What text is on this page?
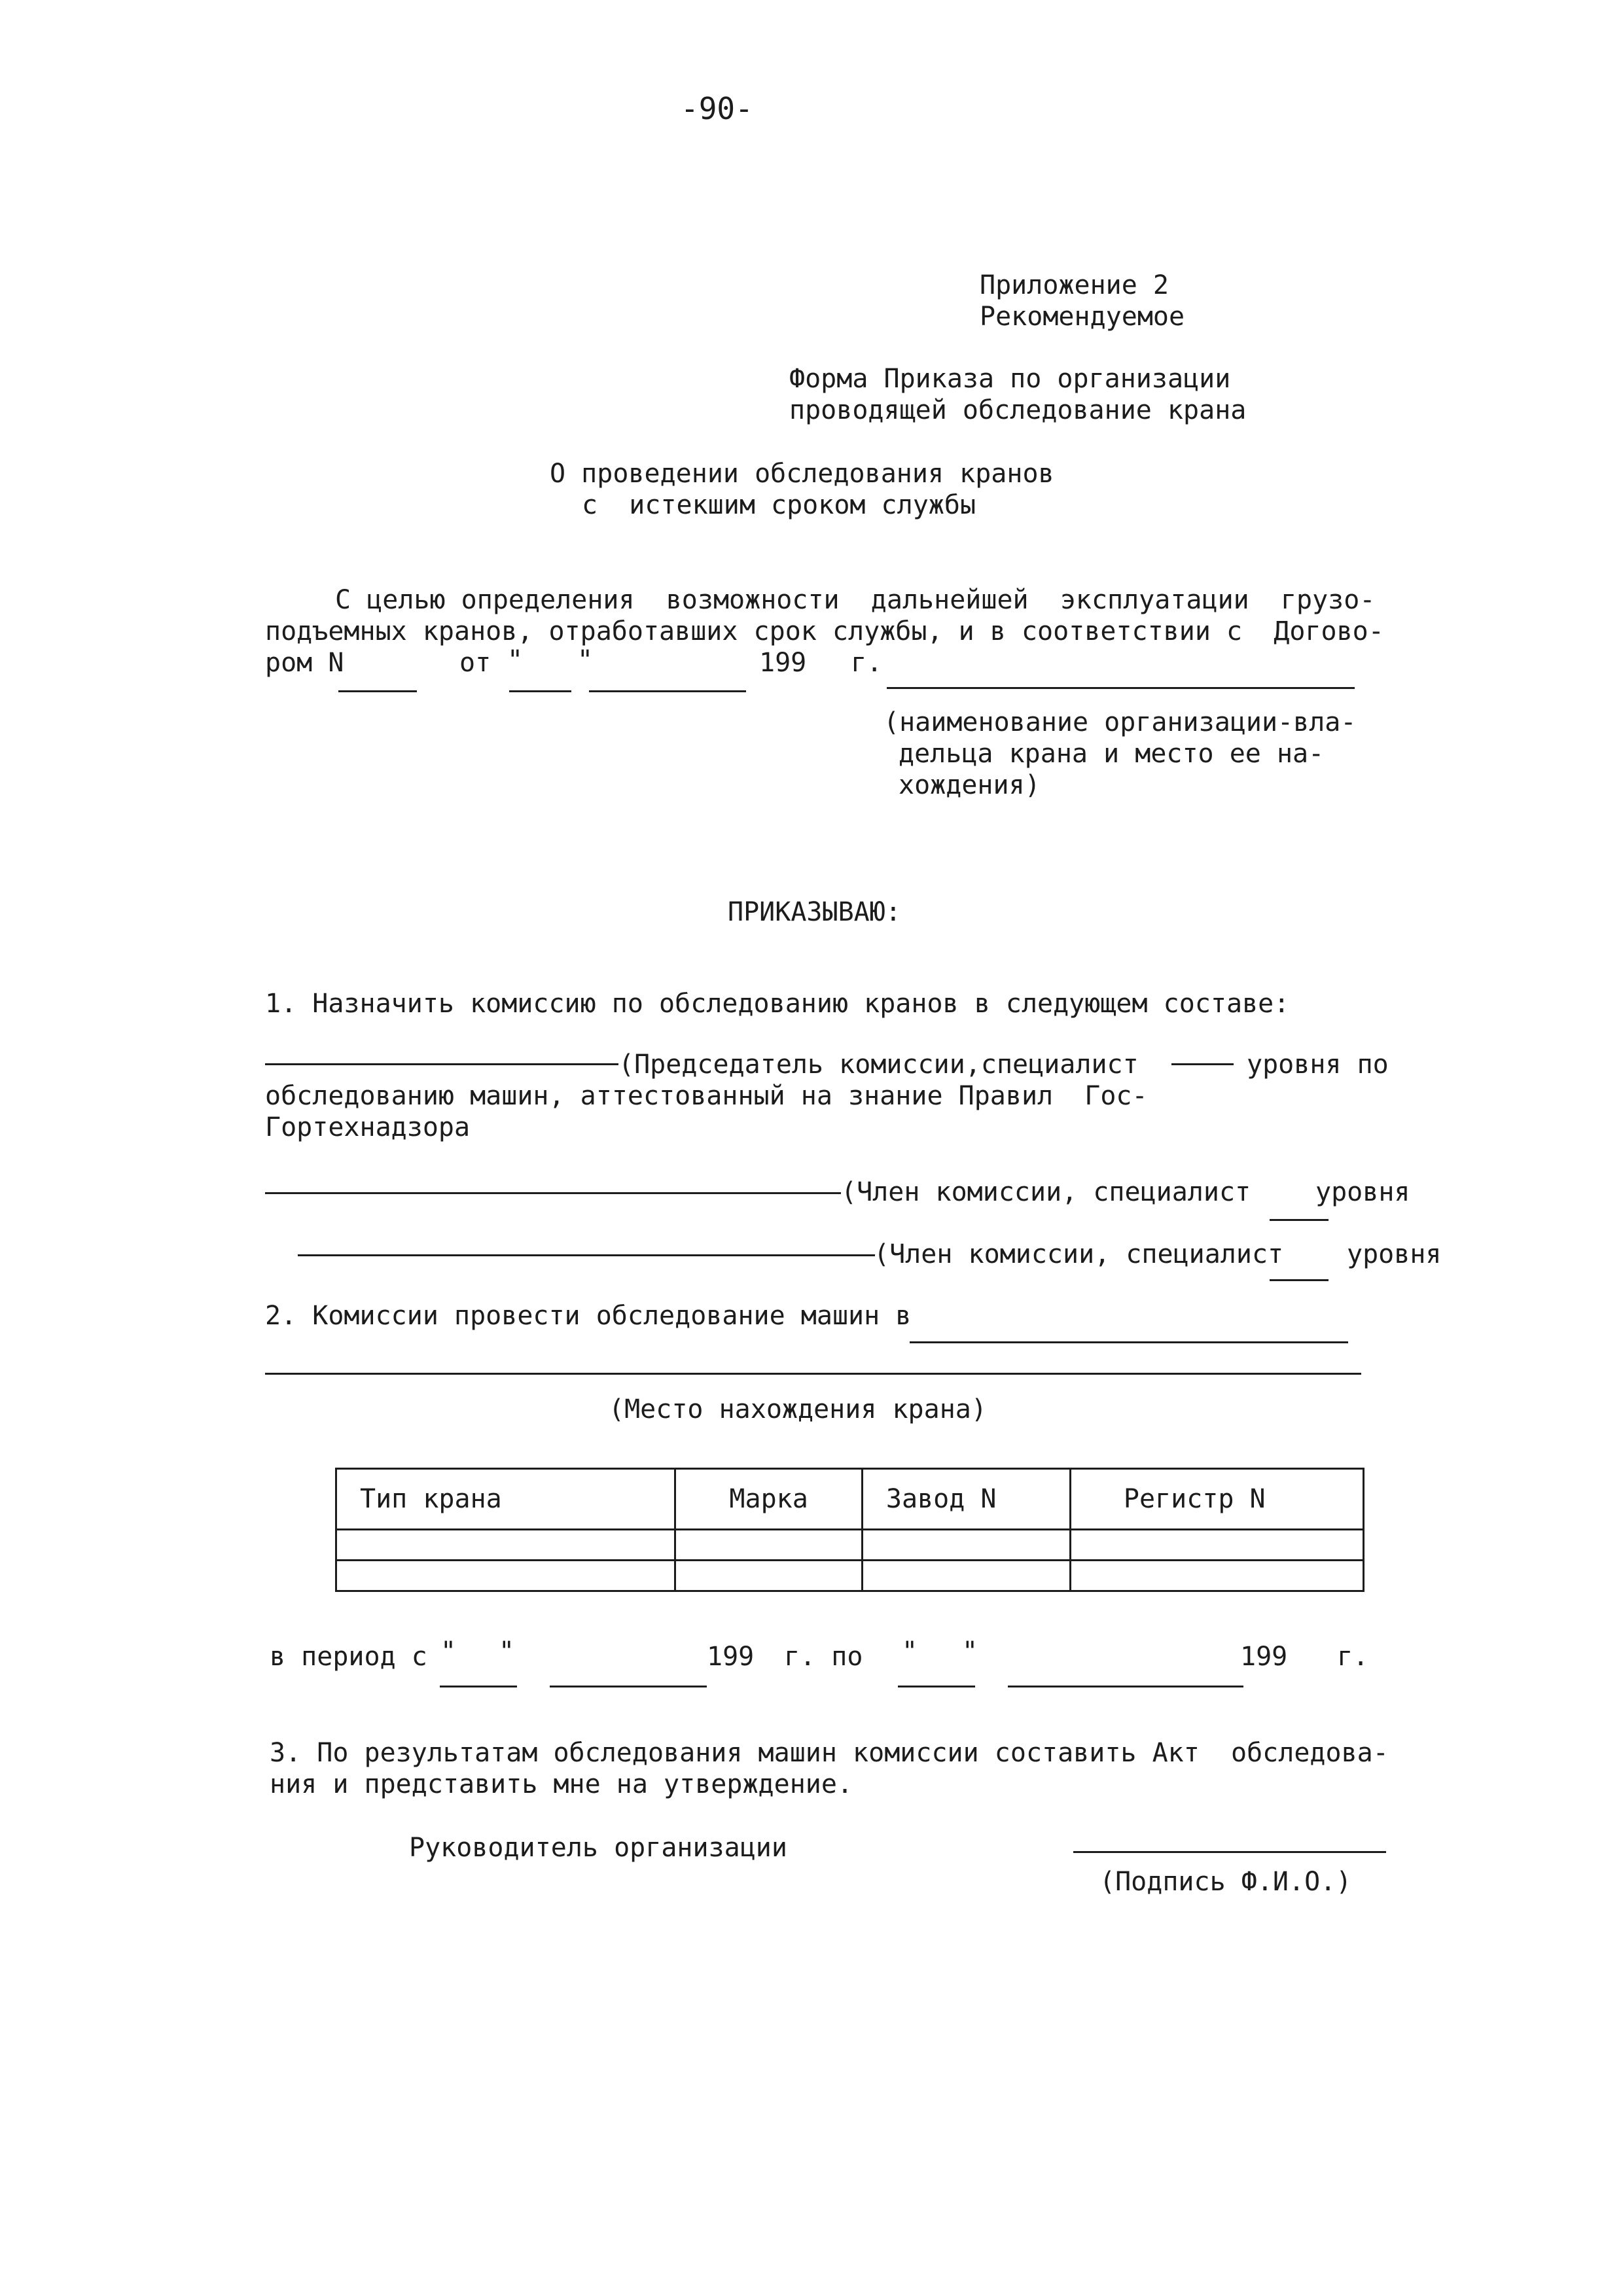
-90-
Приложение 2
Рекомендуемое
Форма Приказа по организации
проводящей обследование крана
О проведении обследования кранов
с  истекшим сроком службы
С целью определения  возможности  дальнейшей  эксплуатации  грузо-
подъемных кранов, отработавших срок службы, и в соответствии с  Догово-
ром N	от " "	199 г.
(наименование организации-вла-
дельца крана и место ее на-
хождения)
ПРИКАЗЫВАЮ:
1. Назначить комиссию по обследованию кранов в следующем составе:
(Председатель комиссии,специалист	уровня по
обследованию машин, аттестованный на знание Правил  Гос-
Гортехнадзора
(Член комиссии, специалист уровня
(Член комиссии, специалист уровня
2. Комиссии провести обследование машин в
(Место нахождения крана)
Тип крана	Марка	Завод N	Регистр N

в период с " "	199 г. по " "	199 г.
3. По результатам обследования машин комиссии составить Акт  обследова-
ния и представить мне на утверждение.
Руководитель организации
(Подпись Ф.И.О.)
